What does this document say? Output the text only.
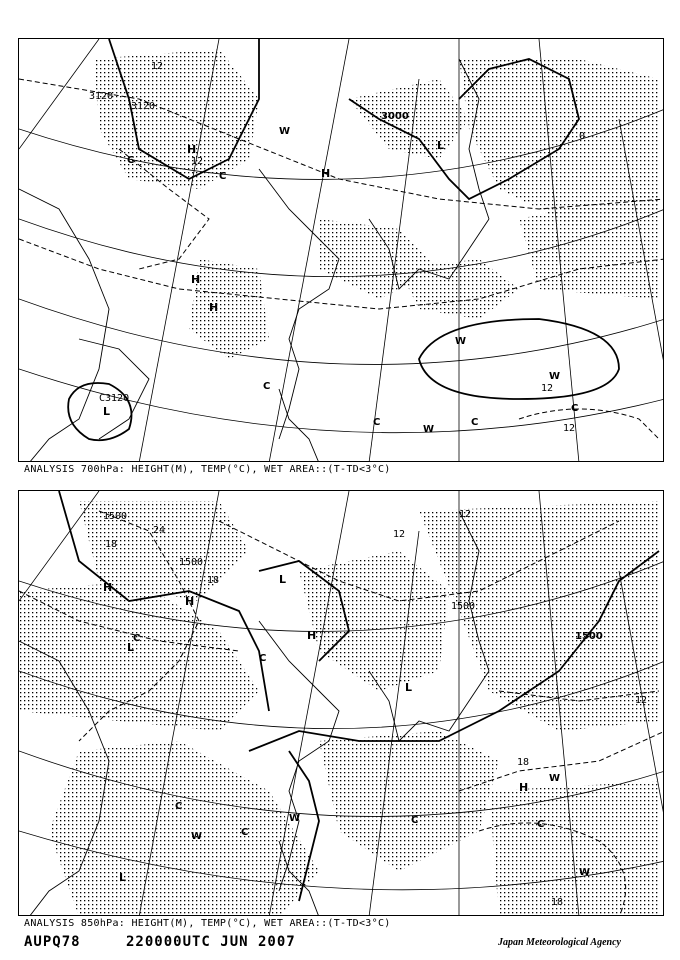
3120
3120
3000
C3120
12
12
0
12
12
H
H
H
H
L
L
W
W
W
W
C
C
C
C	C
C
ANALYSIS 700hPa: HEIGHT(M), TEMP(°C), WET AREA::(T-TD<3°C)
1500
1500
1500
1500
24
18
12
18
12
12
18
18
H
H
H
H
L
L
L
L
W
W
W
W
C
C
C
C	C
C
ANALYSIS 850hPa: HEIGHT(M), TEMP(°C), WET AREA::(T-TD<3°C)
AUPQ78	220000UTC JUN 2007	Japan Meteorological Agency
